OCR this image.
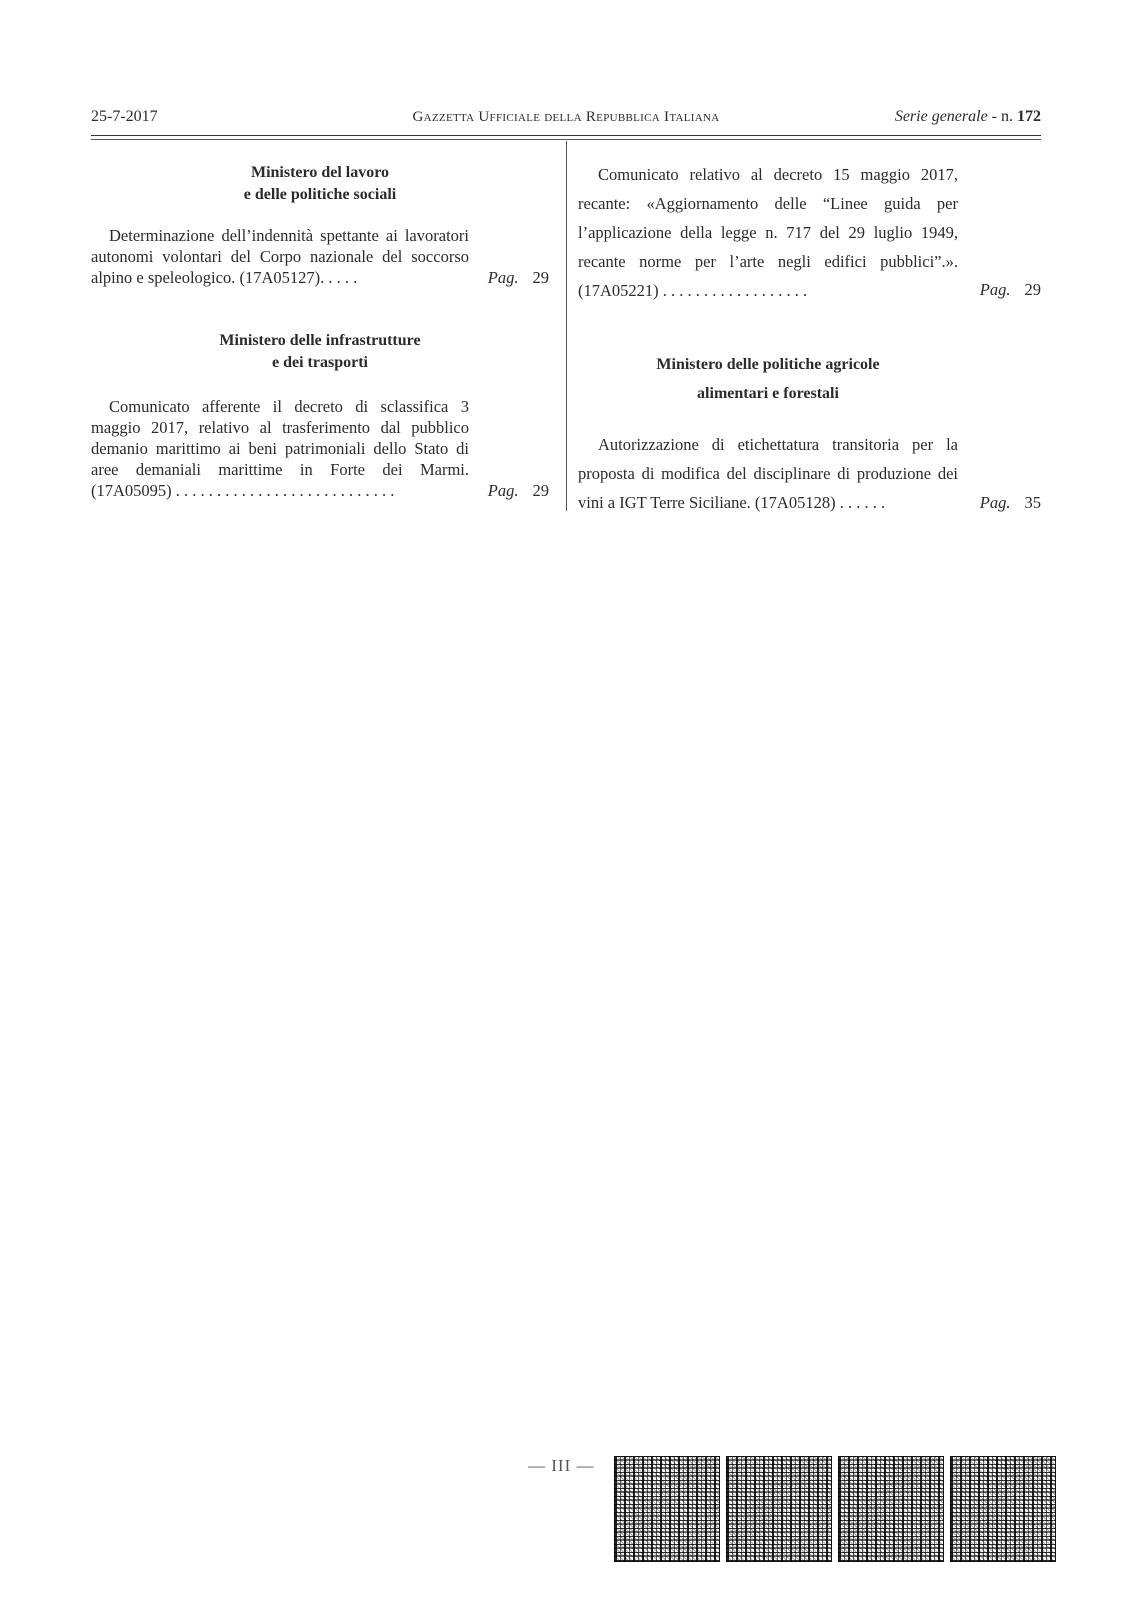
25-7-2017	Gazzetta Ufficiale della Repubblica Italiana	Serie generale - n. 172
Ministero del lavoro
e delle politiche sociali
Determinazione dell’indennità spettante ai lavoratori autonomi volontari del Corpo nazionale del soccorso alpino e speleologico. (17A05127). . . . .	Pag. 29
Ministero delle infrastrutture
e dei trasporti
Comunicato afferente il decreto di sclassifica 3 maggio 2017, relativo al trasferimento dal pubblico demanio marittimo ai beni patrimoniali dello Stato di aree demaniali marittime in Forte dei Marmi. (17A05095) . . . . . . . . . . . . . . . . . . . . . . . . . . .	Pag. 29
Comunicato relativo al decreto 15 maggio 2017, recante: «Aggiornamento delle “Linee guida per l’applicazione della legge n. 717 del 29 luglio 1949, recante norme per l’arte negli edifici pubblici”.». (17A05221) . . . . . . . . . . . . . . . . . .	Pag. 29
Ministero delle politiche agricole
alimentari e forestali
Autorizzazione di etichettatura transitoria per la proposta di modifica del disciplinare di produzione dei vini a IGT Terre Siciliane. (17A05128) . . . . . .	Pag. 35
— III —
